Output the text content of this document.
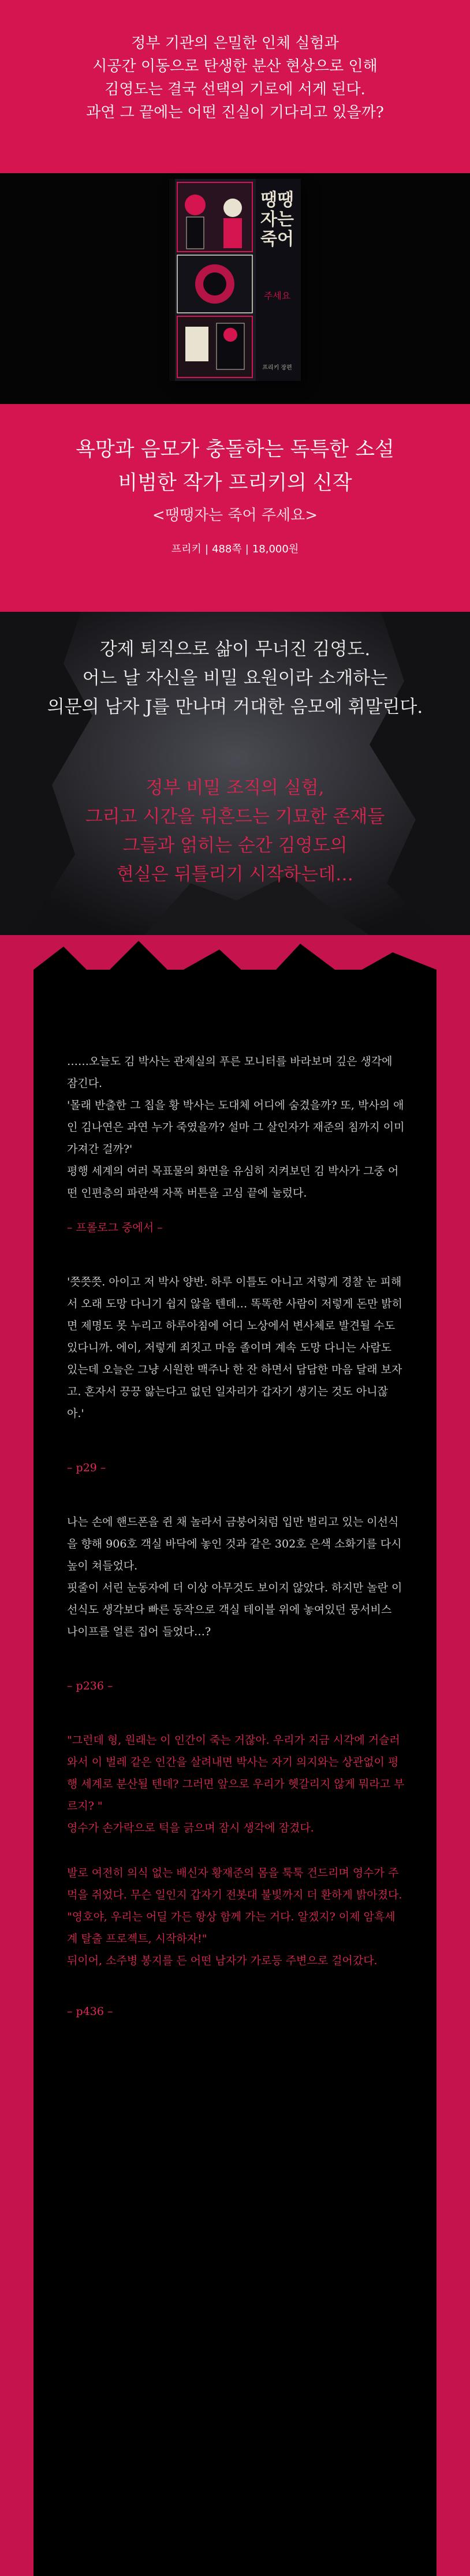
정부 기관의 은밀한 인체 실험과

시공간 이동으로 탄생한 분산 현상으로 인해

김영도는 결국 선택의 기로에 서게 된다.

과연 그 끝에는 어떤 진실이 기다리고 있을까?

땡땡
자는
죽어
주세요
프리키 장편

욕망과 음모가 충돌하는 독특한 소설

비범한 작가 프리키의 신작

<땡땡자는 죽어 주세요>

프리키 | 488쪽 | 18,000원

강제 퇴직으로 삶이 무너진 김영도.

어느 날 자신을 비밀 요원이라 소개하는

의문의 남자 J를 만나며 거대한 음모에 휘말린다.

정부 비밀 조직의 실험,

그리고 시간을 뒤흔드는 기묘한 존재들

그들과 얽히는 순간 김영도의

현실은 뒤틀리기 시작하는데…

……오늘도 김 박사는 관제실의 푸른 모니터를 바라보며 깊은 생각에 잠긴다.
'몰래 반출한 그 칩을 황 박사는 도대체 어디에 숨겼을까? 또, 박사의 애인 김나연은 과연 누가 죽였을까? 설마 그 살인자가 재준의 침까지 이미 가져간 걸까?'
평행 세계의 여러 목표물의 화면을 유심히 지켜보던 김 박사가 그중 어떤 인편층의 파란색 자폭 버튼을 고심 끝에 눌렀다.

– 프롤로그 중에서 –

'쯧쯧쯧. 아이고 저 박사 양반. 하루 이틀도 아니고 저렇게 경찰 눈 피해서 오래 도망 다니기 쉽지 않을 텐데… 똑똑한 사람이 저렇게 돈만 밝히면 제명도 못 누리고 하루아침에 어디 노상에서 변사체로 발견될 수도 있다니까. 에이, 저렇게 죄짓고 마음 졸이며 계속 도망 다니는 사람도 있는데 오늘은 그냥 시원한 맥주나 한 잔 하면서 담담한 마음 달래 보자고. 혼자서 끙끙 앓는다고 없던 일자리가 갑자기 생기는 것도 아니잖아.'

– p29 –

나는 손에 핸드폰을 쥔 채 놀라서 금붕어처럼 입만 벌리고 있는 이선식을 향해 906호 객실 바닥에 놓인 것과 같은 302호 은색 소화기를 다시 높이 쳐들었다.
핏줄이 서린 눈동자에 더 이상 아무것도 보이지 않았다. 하지만 놀란 이선식도 생각보다 빠른 동작으로 객실 테이블 위에 놓여있던 뭉서비스 나이프를 얼른 집어 들었다…?

– p236 –

"그런데 형, 원래는 이 인간이 죽는 거잖아. 우리가 지금 시각에 거슬러 와서 이 벌레 같은 인간을 살려내면 박사는 자기 의지와는 상관없이 평행 세계로 분산될 텐데? 그러면 앞으로 우리가 헷갈리지 않게 뭐라고 부르지? "
영수가 손가락으로 턱을 긁으며 잠시 생각에 잠겼다.

발로 여전히 의식 없는 배신자 황재준의 몸을 툭툭 건드리며 영수가 주먹을 쥐었다. 무슨 일인지 갑자기 전봇대 불빛까지 더 환하게 밝아졌다.
"영호야, 우리는 어딜 가든 항상 함께 가는 거다. 알겠지? 이제 암흑세계 탈출 프로젝트, 시작하자!"
뒤이어, 소주병 봉지를 든 어떤 남자가 가로등 주변으로 걸어갔다.

– p436 –
